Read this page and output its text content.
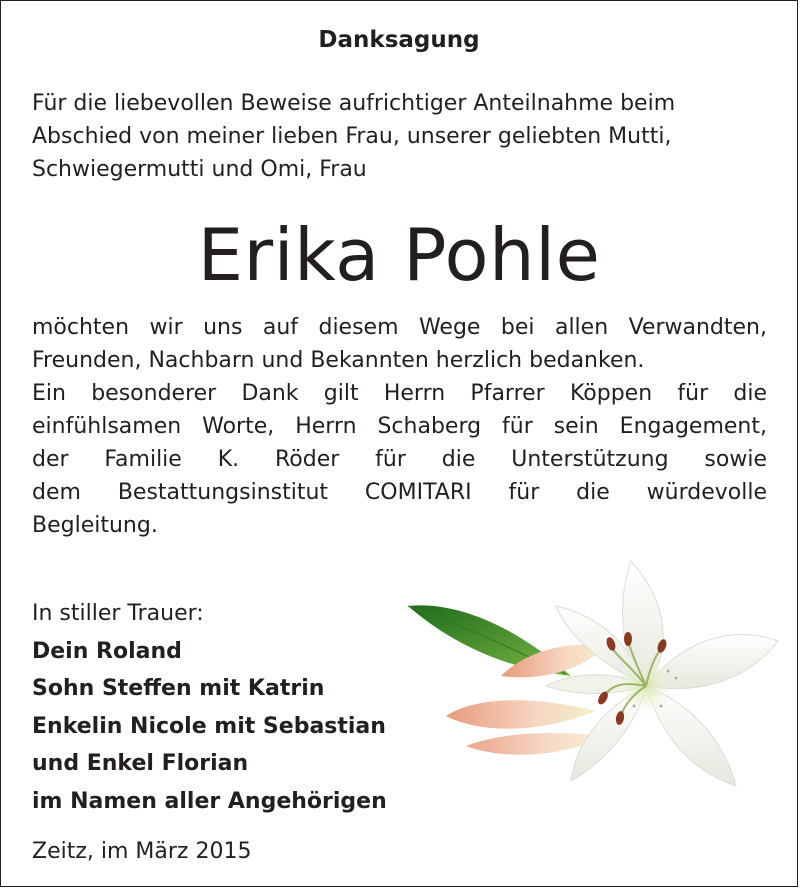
Danksagung
Für die liebevollen Beweise aufrichtiger Anteilnahme beim
Abschied von meiner lieben Frau, unserer geliebten Mutti,
Schwiegermutti und Omi, Frau
Erika Pohle
möchten wir uns auf diesem Wege bei allen Verwandten,
Freunden, Nachbarn und Bekannten herzlich bedanken.
Ein besonderer Dank gilt Herrn Pfarrer Köppen für die
einfühlsamen Worte, Herrn Schaberg für sein Engagement,
der Familie K. Röder für die Unterstützung sowie
dem Bestattungsinstitut COMITARI für die würdevolle
Begleitung.
In stiller Trauer:
Dein Roland
Sohn Steffen mit Katrin
Enkelin Nicole mit Sebastian
und Enkel Florian
im Namen aller Angehörigen
Zeitz, im März 2015
